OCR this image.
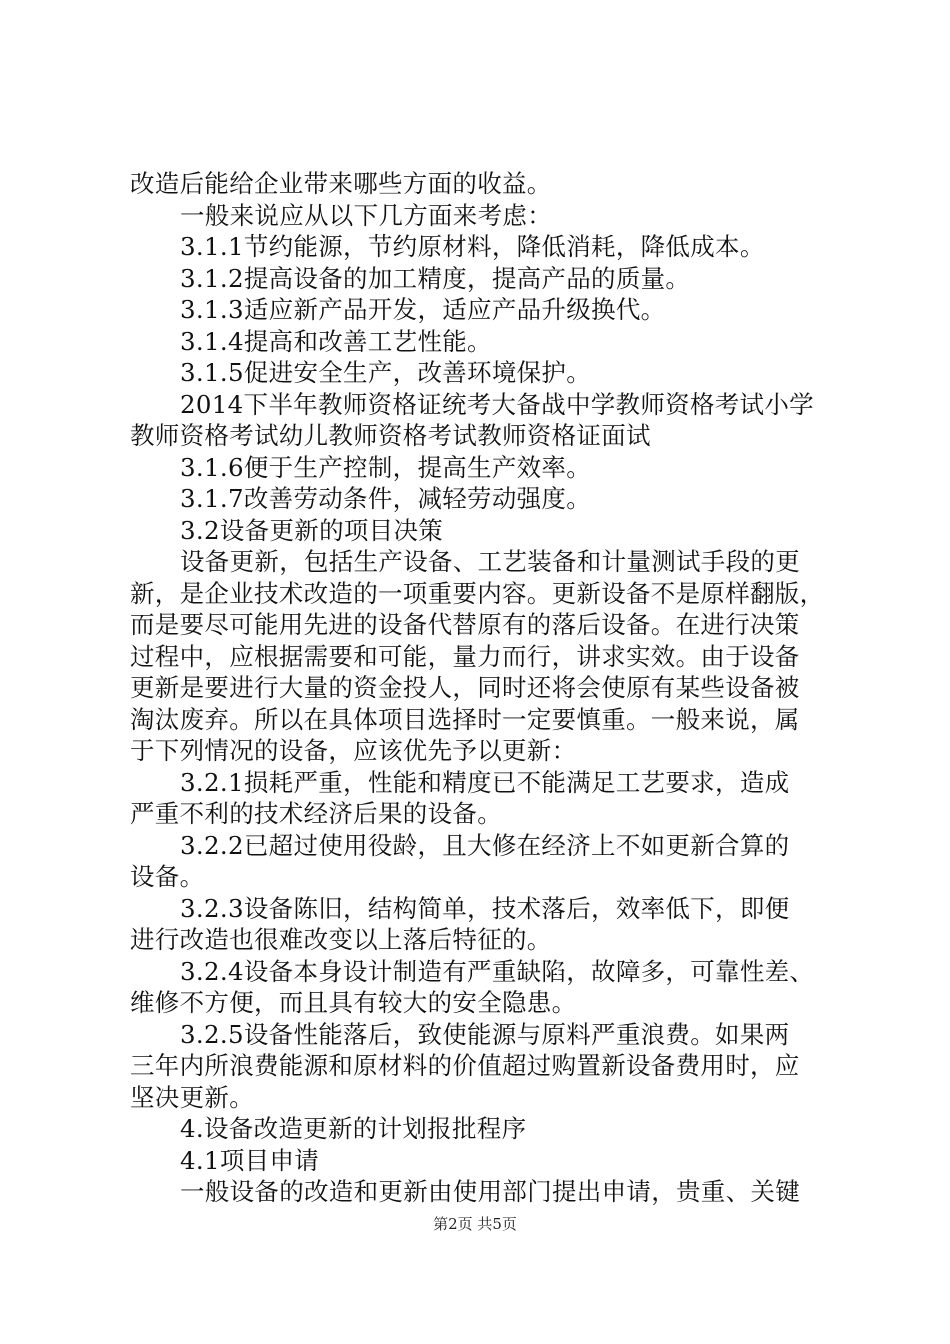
改造后能给企业带来哪些方面的收益。
一般来说应从以下几方面来考虑：
3.1.1节约能源，节约原材料，降低消耗，降低成本。
3.1.2提高设备的加工精度，提高产品的质量。
3.1.3适应新产品开发，适应产品升级换代。
3.1.4提高和改善工艺性能。
3.1.5促进安全生产，改善环境保护。
2014下半年教师资格证统考大备战中学教师资格考试小学
教师资格考试幼儿教师资格考试教师资格证面试
3.1.6便于生产控制，提高生产效率。
3.1.7改善劳动条件，减轻劳动强度。
3.2设备更新的项目决策
设备更新，包括生产设备、工艺装备和计量测试手段的更
新，是企业技术改造的一项重要内容。更新设备不是原样翻版，
而是要尽可能用先进的设备代替原有的落后设备。在进行决策
过程中，应根据需要和可能，量力而行，讲求实效。由于设备
更新是要进行大量的资金投人，同时还将会使原有某些设备被
淘汰废弃。所以在具体项目选择时一定要慎重。一般来说，属
于下列情况的设备，应该优先予以更新：
3.2.1损耗严重，性能和精度已不能满足工艺要求，造成
严重不利的技术经济后果的设备。
3.2.2已超过使用役龄，且大修在经济上不如更新合算的
设备。
3.2.3设备陈旧，结构简单，技术落后，效率低下，即便
进行改造也很难改变以上落后特征的。
3.2.4设备本身设计制造有严重缺陷，故障多，可靠性差、
维修不方便，而且具有较大的安全隐患。
3.2.5设备性能落后，致使能源与原料严重浪费。如果两
三年内所浪费能源和原材料的价值超过购置新设备费用时，应
坚决更新。
4.设备改造更新的计划报批程序
4.1项目申请
一般设备的改造和更新由使用部门提出申请，贵重、关键
第2页 共5页
